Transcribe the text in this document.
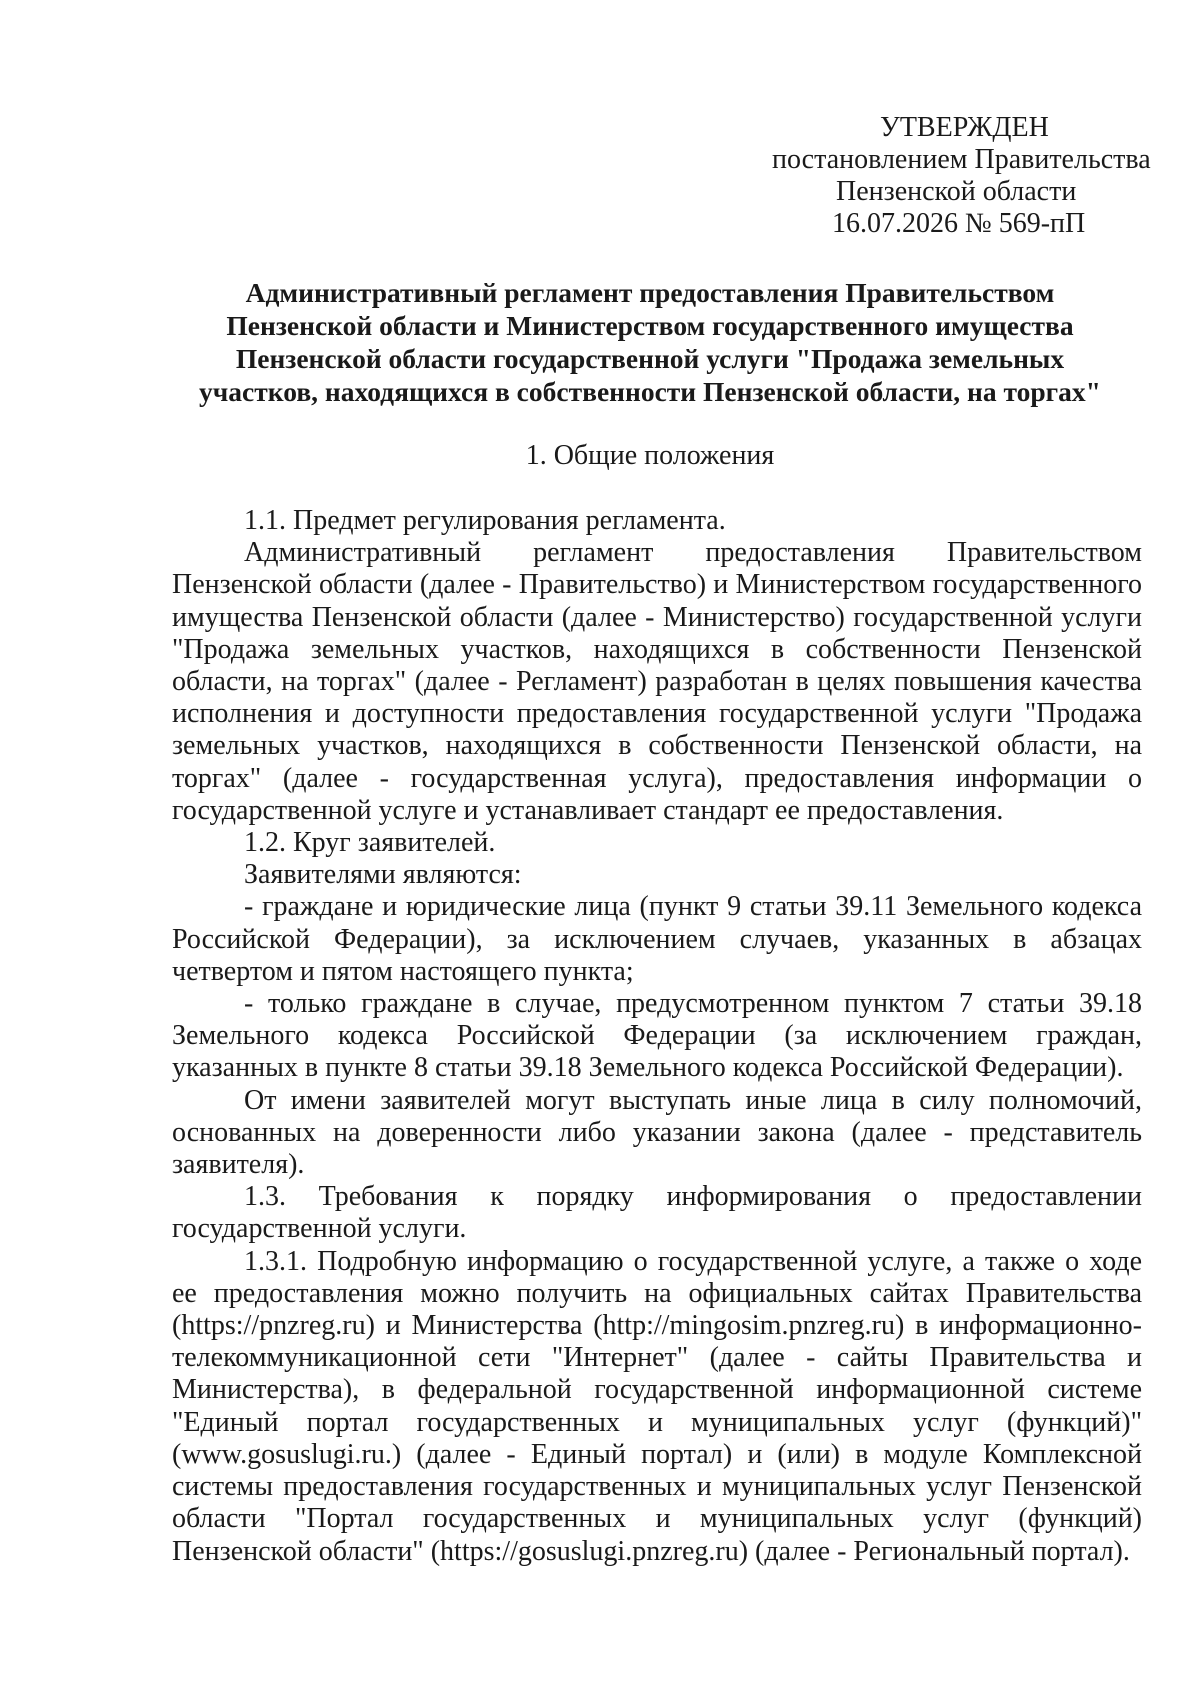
УТВЕРЖДЕН
постановлением Правительства
Пензенской области
16.07.2026 № 569-пП
Административный регламент предоставления Правительством
Пензенской области и Министерством государственного имущества
Пензенской области государственной услуги "Продажа земельных
участков, находящихся в собственности Пензенской области, на торгах"
1. Общие положения

1.1. Предмет регулирования регламента.

Административный регламент предоставления Правительством Пензенской области (далее - Правительство) и Министерством государственного имущества Пензенской области (далее - Министерство) государственной услуги "Продажа земельных участков, находящихся в собственности Пензенской области, на торгах" (далее - Регламент) разработан в целях повышения качества исполнения и доступности предоставления государственной услуги "Продажа земельных участков, находящихся в собственности Пензенской области, на торгах" (далее - государственная услуга), предоставления информации о государственной услуге и устанавливает стандарт ее предоставления.

1.2. Круг заявителей.

Заявителями являются:

- граждане и юридические лица (пункт 9 статьи 39.11 Земельного кодекса Российской Федерации), за исключением случаев, указанных в абзацах четвертом и пятом настоящего пункта;

- только граждане в случае, предусмотренном пунктом 7 статьи 39.18 Земельного кодекса Российской Федерации (за исключением граждан, указанных в пункте 8 статьи 39.18 Земельного кодекса Российской Федерации).

От имени заявителей могут выступать иные лица в силу полномочий, основанных на доверенности либо указании закона (далее - представитель заявителя).

1.3. Требования к порядку информирования о предоставлении государственной услуги.

1.3.1. Подробную информацию о государственной услуге, а также о ходе ее предоставления можно получить на официальных сайтах Правительства (https://pnzreg.ru) и Министерства (http://mingosim.pnzreg.ru) в информационно-телекоммуникационной сети "Интернет" (далее - сайты Правительства и Министерства), в федеральной государственной информационной системе "Единый портал государственных и муниципальных услуг (функций)" (www.gosuslugi.ru.) (далее - Единый портал) и (или) в модуле Комплексной системы предоставления государственных и муниципальных услуг Пензенской области "Портал государственных и муниципальных услуг (функций) Пензенской области" (https://gosuslugi.pnzreg.ru) (далее - Региональный портал).
